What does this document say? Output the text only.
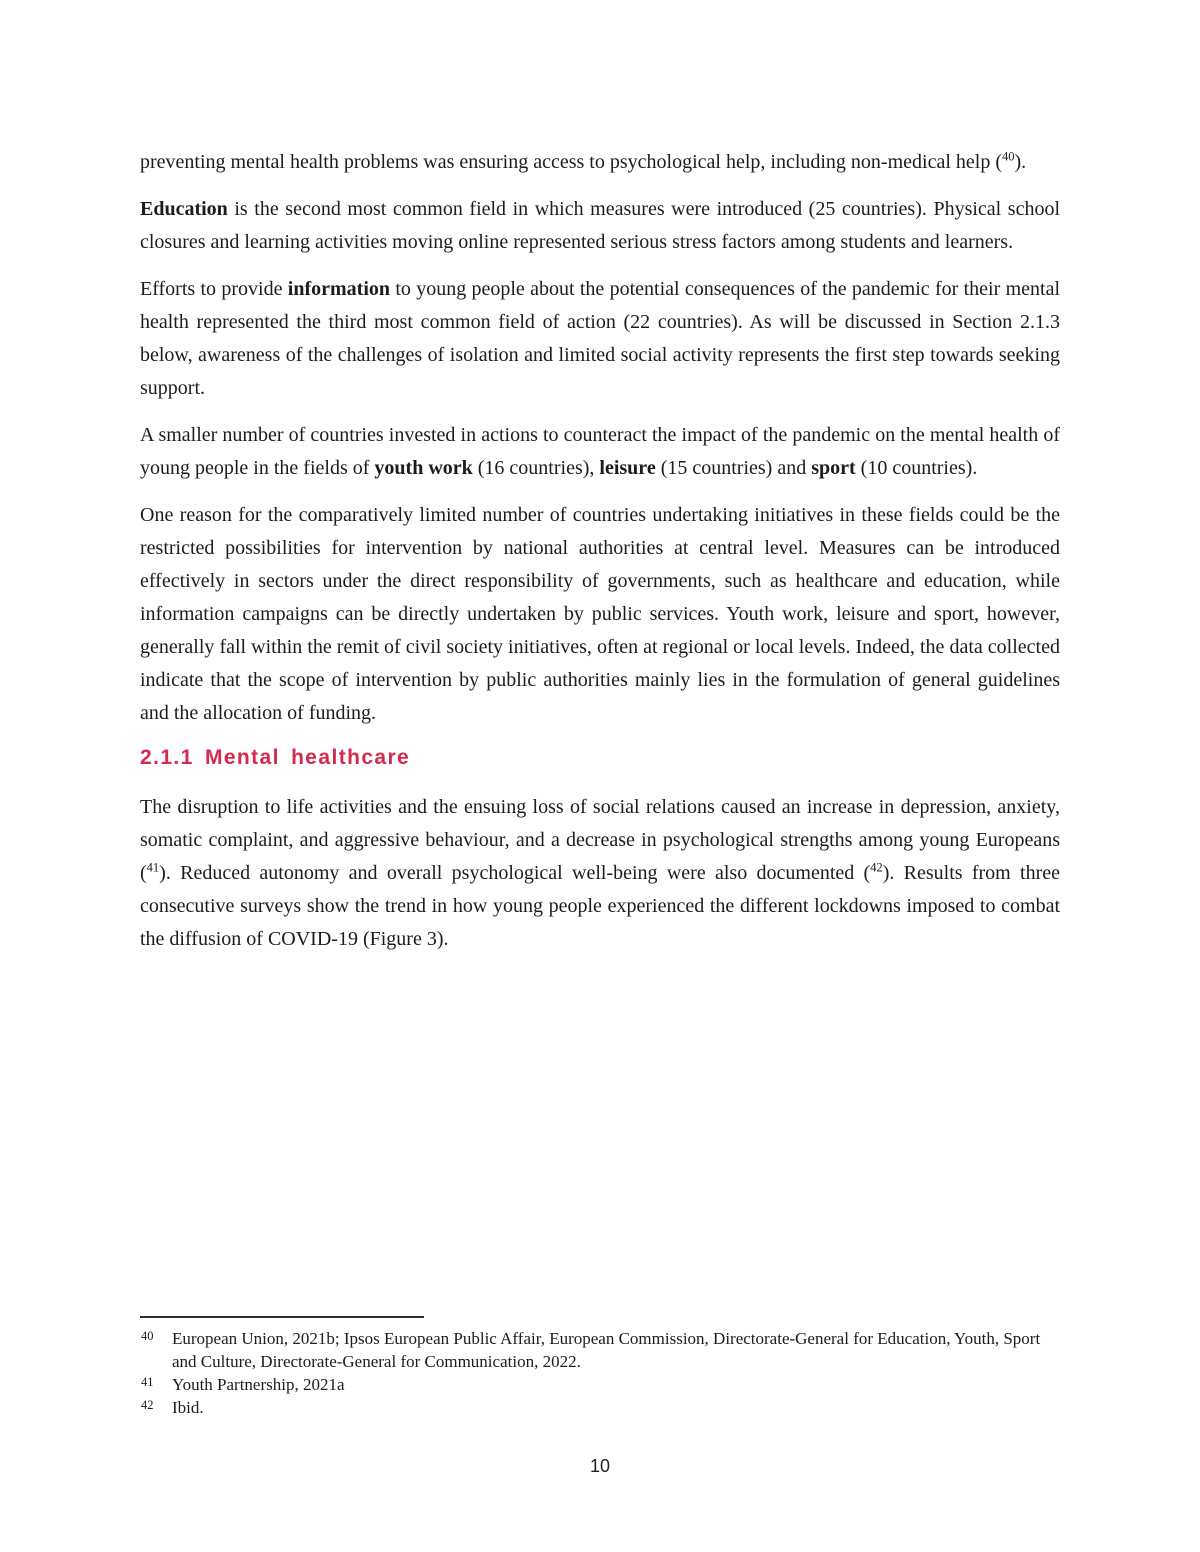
preventing mental health problems was ensuring access to psychological help, including non-medical help ($^{40}$).

Education is the second most common field in which measures were introduced (25 countries). Physical school closures and learning activities moving online represented serious stress factors among students and learners.

Efforts to provide information to young people about the potential consequences of the pandemic for their mental health represented the third most common field of action (22 countries). As will be discussed in Section 2.1.3 below, awareness of the challenges of isolation and limited social activity represents the first step towards seeking support.

A smaller number of countries invested in actions to counteract the impact of the pandemic on the mental health of young people in the fields of youth work (16 countries), leisure (15 countries) and sport (10 countries).

One reason for the comparatively limited number of countries undertaking initiatives in these fields could be the restricted possibilities for intervention by national authorities at central level. Measures can be introduced effectively in sectors under the direct responsibility of governments, such as healthcare and education, while information campaigns can be directly undertaken by public services. Youth work, leisure and sport, however, generally fall within the remit of civil society initiatives, often at regional or local levels. Indeed, the data collected indicate that the scope of intervention by public authorities mainly lies in the formulation of general guidelines and the allocation of funding.

2.1.1 Mental healthcare

The disruption to life activities and the ensuing loss of social relations caused an increase in depression, anxiety, somatic complaint, and aggressive behaviour, and a decrease in psychological strengths among young Europeans ($^{41}$). Reduced autonomy and overall psychological well-being were also documented ($^{42}$). Results from three consecutive surveys show the trend in how young people experienced the different lockdowns imposed to combat the diffusion of COVID-19 (Figure 3).

40 European Union, 2021b; Ipsos European Public Affair, European Commission, Directorate-General for Education, Youth, Sport and Culture, Directorate-General for Communication, 2022.
41 Youth Partnership, 2021a
42 Ibid.
10
